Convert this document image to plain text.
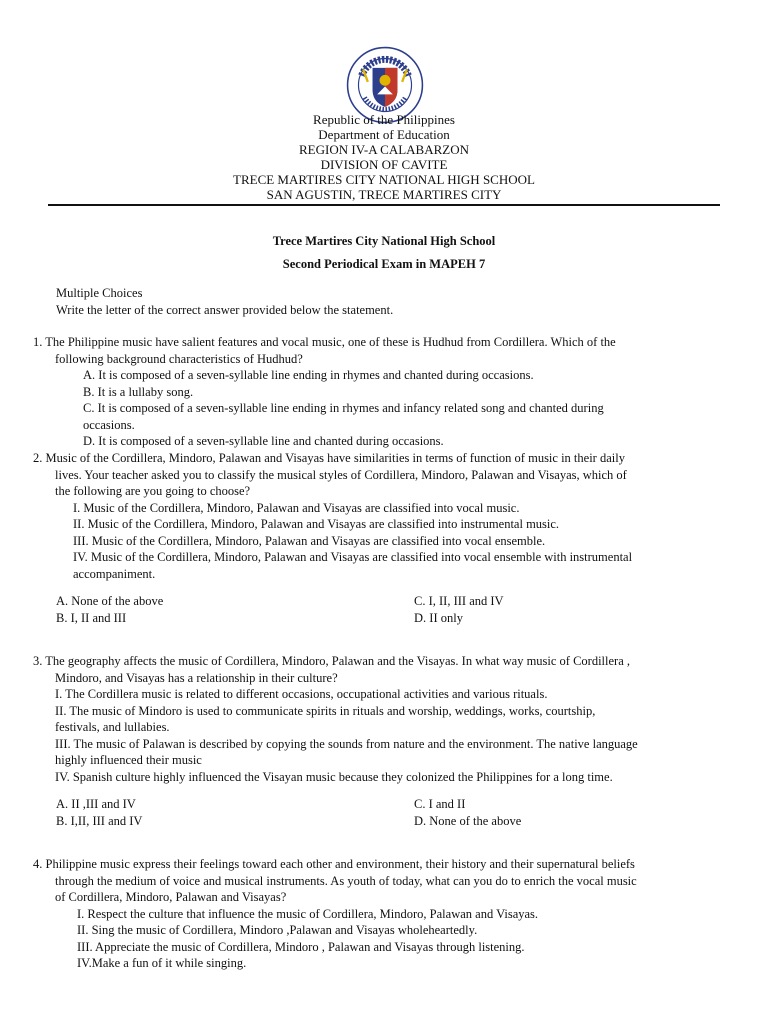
Republic of the Philippines
Department of Education
REGION IV-A CALABARZON
DIVISION OF CAVITE
TRECE MARTIRES CITY NATIONAL HIGH SCHOOL
SAN AGUSTIN, TRECE MARTIRES CITY
Trece Martires City National High School
Second Periodical Exam in MAPEH 7
Multiple Choices
Write the letter of the correct answer provided below the statement.
1. The Philippine music have salient features and vocal music, one of these is Hudhud from Cordillera. Which of the
following background characteristics of Hudhud?
A. It is composed of a seven-syllable line ending in rhymes and chanted during occasions.
B. It is a lullaby song.
C. It is composed of a seven-syllable line ending in rhymes and infancy related song and chanted during
occasions.
D. It is composed of a seven-syllable line and chanted during occasions.
2. Music of the Cordillera, Mindoro, Palawan and Visayas have similarities in terms of function of music in their daily
lives. Your teacher asked you to classify the musical styles of Cordillera, Mindoro, Palawan and Visayas, which of
the following are you going to choose?
I. Music of the Cordillera, Mindoro, Palawan and Visayas are classified into vocal music.
II. Music of the Cordillera, Mindoro, Palawan and Visayas are classified into instrumental music.
III. Music of the Cordillera, Mindoro, Palawan and Visayas are classified into vocal ensemble.
IV. Music of the Cordillera, Mindoro, Palawan and Visayas are classified into vocal ensemble with instrumental
accompaniment.
A. None of the above	C. I, II, III and IV
B. I, II and III	D. II only
3. The geography affects the music of Cordillera, Mindoro, Palawan and the Visayas. In what way music of Cordillera ,
Mindoro, and Visayas has a relationship in their culture?
I. The Cordillera music is related to different occasions, occupational activities and various rituals.
II. The music of Mindoro is used to communicate spirits in rituals and worship, weddings, works, courtship,
festivals, and lullabies.
III. The music of Palawan is described by copying the sounds from nature and the environment. The native language
highly influenced their music
IV. Spanish culture highly influenced the Visayan music because they colonized the Philippines for a long time.
A. II ,III and IV	C. I and II
B. I,II, III and IV	D. None of the above
4. Philippine music express their feelings toward each other and environment, their history and their supernatural beliefs
through the medium of voice and musical instruments. As youth of today, what can you do to enrich the vocal music
of Cordillera, Mindoro, Palawan and Visayas?
I. Respect the culture that influence the music of Cordillera, Mindoro, Palawan and Visayas.
II. Sing the music of Cordillera, Mindoro ,Palawan and Visayas wholeheartedly.
III. Appreciate the music of Cordillera, Mindoro , Palawan and Visayas through listening.
IV.Make a fun of it while singing.
